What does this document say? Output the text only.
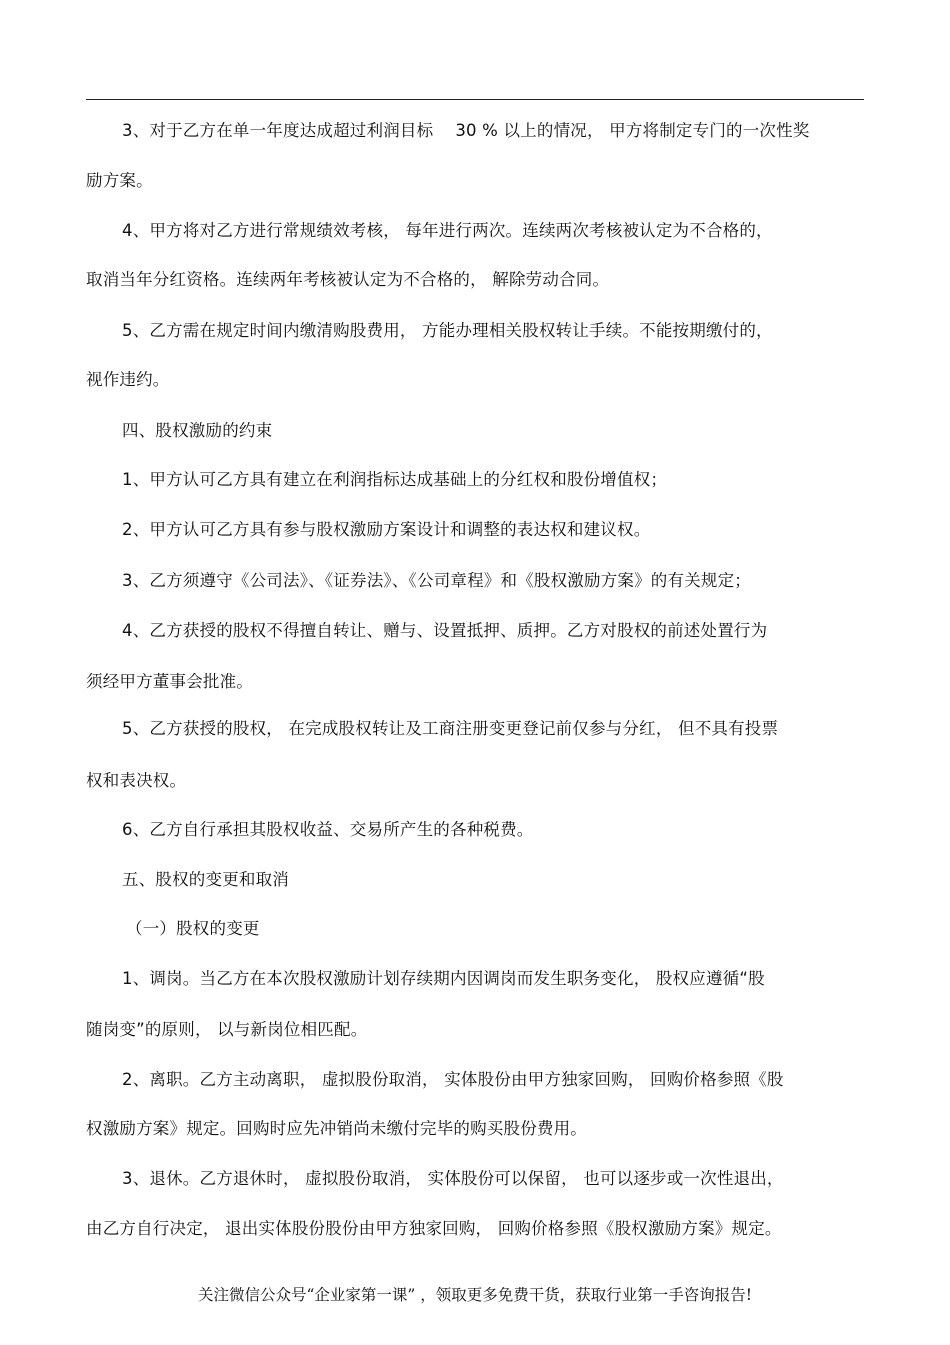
3、对于乙方在单一年度达成超过利润目标 30 % 以上的情况， 甲方将制定专门的一次性奖
励方案。
4、甲方将对乙方进行常规绩效考核， 每年进行两次。连续两次考核被认定为不合格的，
取消当年分红资格。连续两年考核被认定为不合格的， 解除劳动合同。
5、乙方需在规定时间内缴清购股费用， 方能办理相关股权转让手续。不能按期缴付的，
视作违约。
四、股权激励的约束
1、甲方认可乙方具有建立在利润指标达成基础上的分红权和股份增值权；
2、甲方认可乙方具有参与股权激励方案设计和调整的表达权和建议权。
3、乙方须遵守《公司法》、《证券法》、《公司章程》和《股权激励方案》的有关规定；
4、乙方获授的股权不得擅自转让、赠与、设置抵押、质押。乙方对股权的前述处置行为
须经甲方董事会批准。
5、乙方获授的股权， 在完成股权转让及工商注册变更登记前仅参与分红， 但不具有投票
权和表决权。
6、乙方自行承担其股权收益、交易所产生的各种税费。
五、股权的变更和取消
（一）股权的变更
1、调岗。当乙方在本次股权激励计划存续期内因调岗而发生职务变化， 股权应遵循“股
随岗变”的原则， 以与新岗位相匹配。
2、离职。乙方主动离职， 虚拟股份取消， 实体股份由甲方独家回购， 回购价格参照《股
权激励方案》规定。回购时应先冲销尚未缴付完毕的购买股份费用。
3、退休。乙方退休时， 虚拟股份取消， 实体股份可以保留， 也可以逐步或一次性退出，
由乙方自行决定， 退出实体股份股份由甲方独家回购， 回购价格参照《股权激励方案》规定。
关注微信公众号“企业家第一课” ，领取更多免费干货，获取行业第一手咨询报告!
